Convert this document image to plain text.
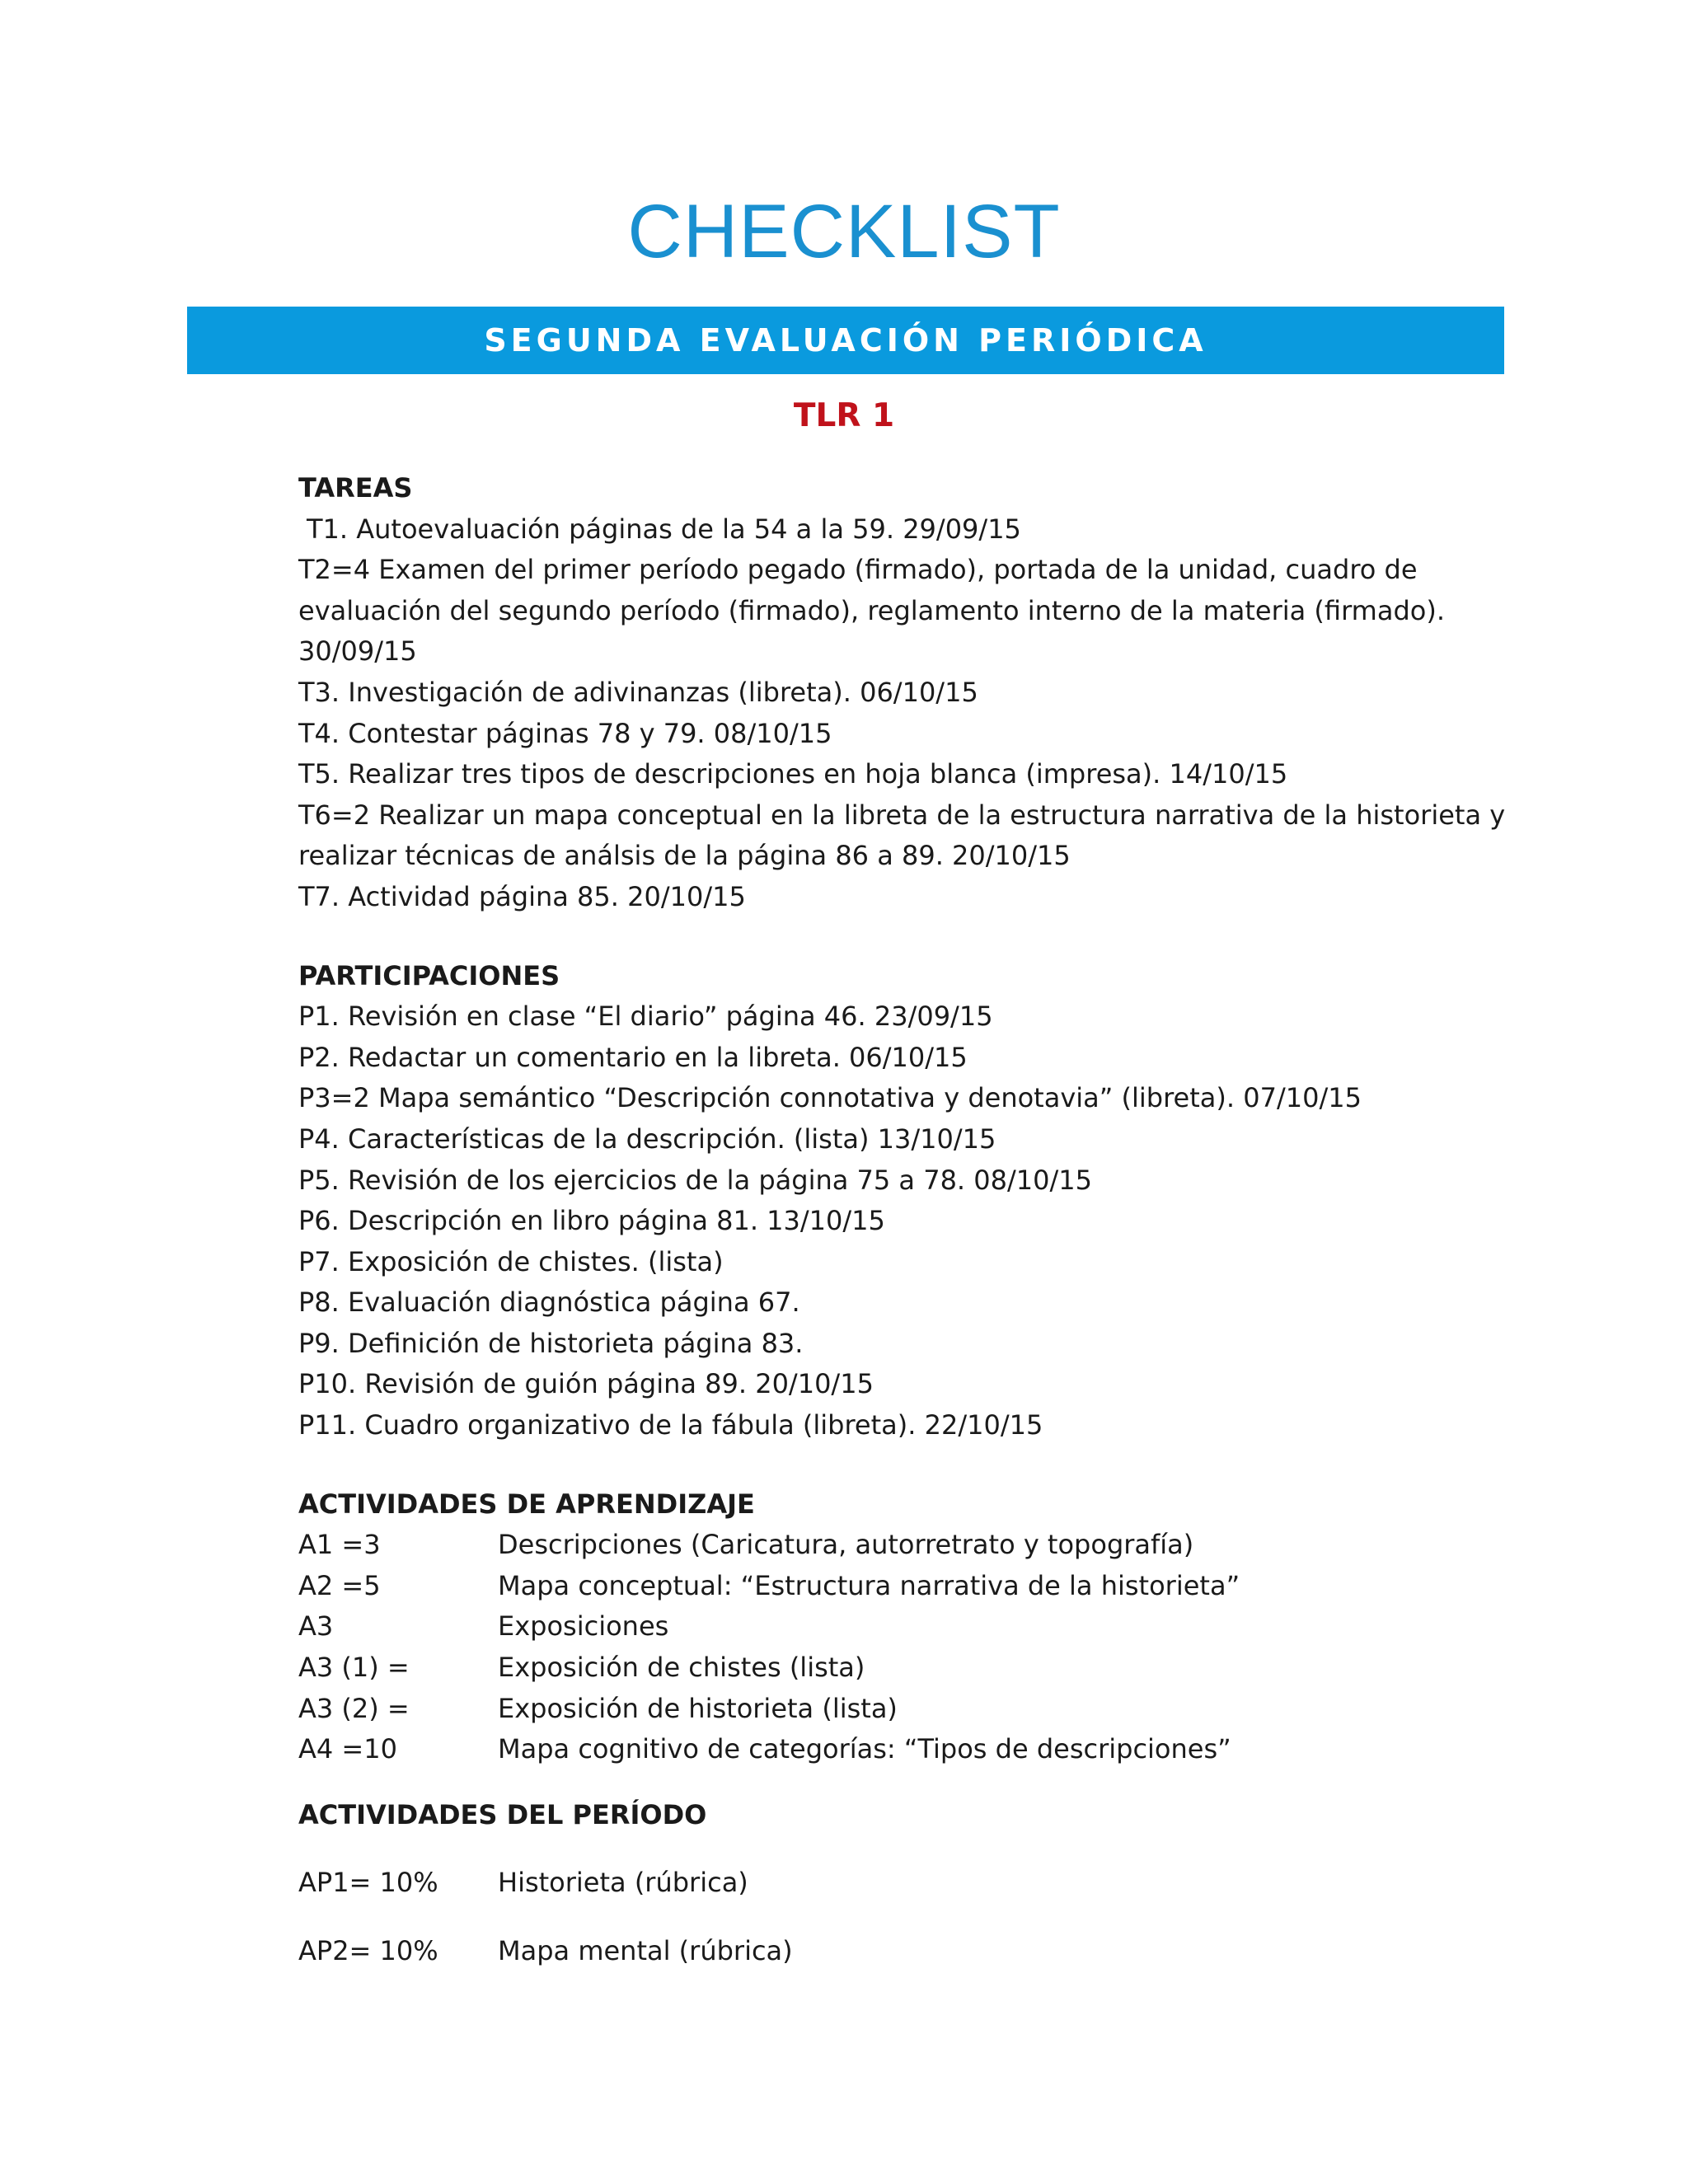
CHECKLIST
SEGUNDA EVALUACIÓN PERIÓDICA
TLR 1
TAREAS
T1. Autoevaluación páginas de la 54 a la 59. 29/09/15
T2=4 Examen del primer período pegado (firmado), portada de la unidad, cuadro de evaluación del segundo período (firmado), reglamento interno de la materia (firmado). 30/09/15
T3. Investigación de adivinanzas (libreta). 06/10/15
T4. Contestar páginas 78 y 79. 08/10/15
T5. Realizar tres tipos de descripciones en hoja blanca (impresa). 14/10/15
T6=2 Realizar un mapa conceptual en la libreta de la estructura narrativa de la historieta y realizar técnicas de análsis de la página 86 a 89. 20/10/15
T7. Actividad página 85. 20/10/15
PARTICIPACIONES
P1. Revisión en clase “El diario” página 46. 23/09/15
P2. Redactar un comentario en la libreta. 06/10/15
P3=2 Mapa semántico “Descripción connotativa y denotavia” (libreta). 07/10/15
P4. Características de la descripción. (lista) 13/10/15
P5. Revisión de los ejercicios de la página 75 a 78. 08/10/15
P6. Descripción en libro página 81. 13/10/15
P7. Exposición de chistes. (lista)
P8. Evaluación diagnóstica página 67.
P9. Definición de historieta página 83.
P10. Revisión de guión página 89. 20/10/15
P11. Cuadro organizativo de la fábula (libreta). 22/10/15
ACTIVIDADES DE APRENDIZAJE
A1 =3	Descripciones (Caricatura, autorretrato y topografía)
A2 =5	Mapa conceptual: “Estructura narrativa de la historieta”
A3	Exposiciones
A3 (1) =	Exposición de chistes (lista)
A3 (2) =	Exposición de historieta (lista)
A4 =10	Mapa cognitivo de categorías: “Tipos de descripciones”
ACTIVIDADES DEL PERÍODO
AP1= 10%	Historieta (rúbrica)
AP2= 10%	Mapa mental (rúbrica)
